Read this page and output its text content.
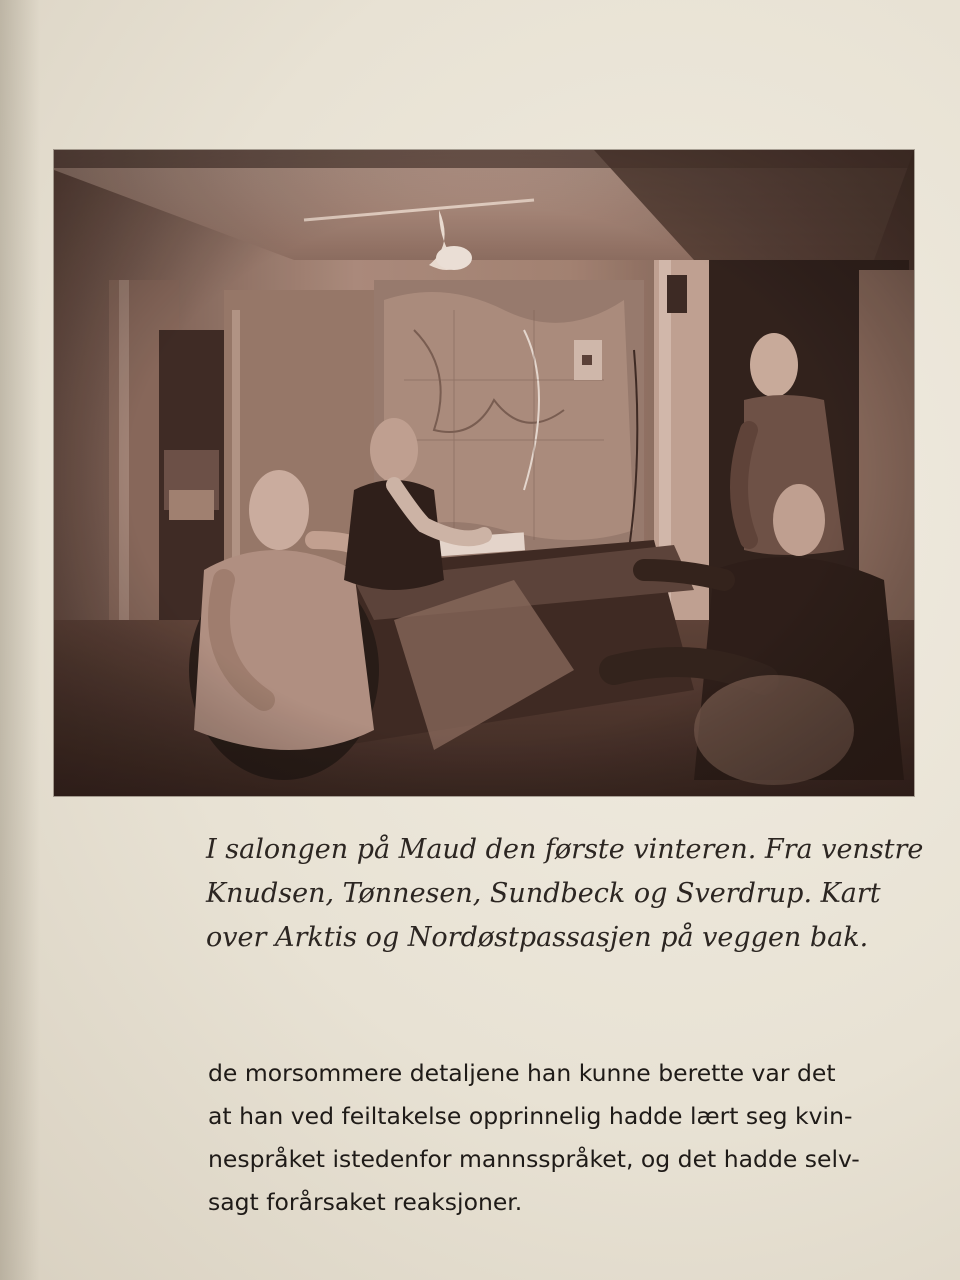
I salongen på Maud den første vinteren. Fra venstre
Knudsen, Tønnesen, Sundbeck og Sverdrup. Kart
over Arktis og Nordøstpassasjen på veggen bak.

de morsommere detaljene han kunne berette var det
at han ved feiltakelse opprinnelig hadde lært seg kvin-
nespråket istedenfor mannsspråket, og det hadde selv-
sagt forårsaket reaksjoner.
